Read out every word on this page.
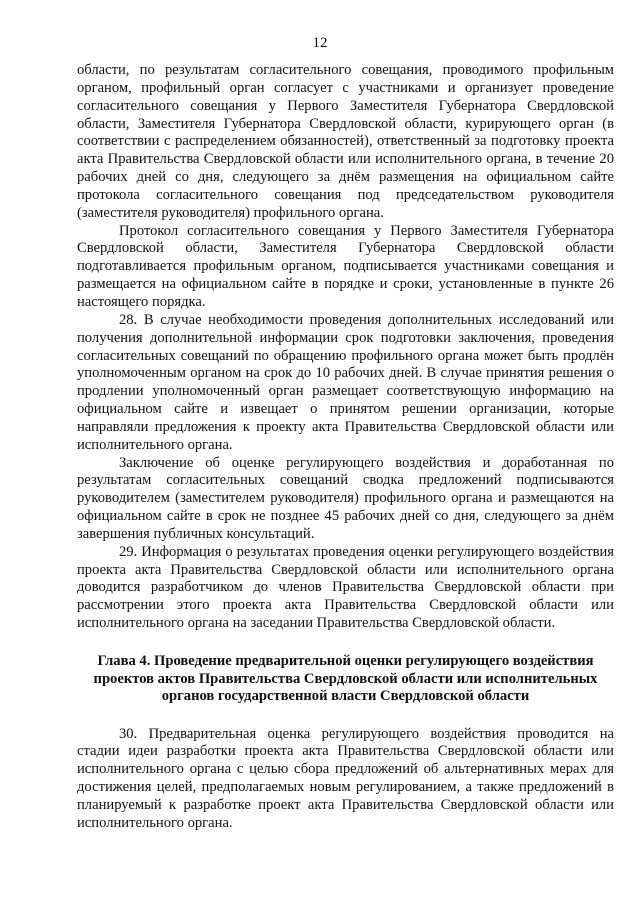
12

области, по результатам согласительного совещания, проводимого профильным органом, профильный орган согласует с участниками и организует проведение согласительного совещания у Первого Заместителя Губернатора Свердловской области, Заместителя Губернатора Свердловской области, курирующего орган (в соответствии с распределением обязанностей), ответственный за подготовку проекта акта Правительства Свердловской области или исполнительного органа, в течение 20 рабочих дней со дня, следующего за днём размещения на официальном сайте протокола согласительного совещания под председательством руководителя (заместителя руководителя) профильного органа.

Протокол согласительного совещания у Первого Заместителя Губернатора Свердловской области, Заместителя Губернатора Свердловской области подготавливается профильным органом, подписывается участниками совещания и размещается на официальном сайте в порядке и сроки, установленные в пункте 26 настоящего порядка.

28. В случае необходимости проведения дополнительных исследований или получения дополнительной информации срок подготовки заключения, проведения согласительных совещаний по обращению профильного органа может быть продлён уполномоченным органом на срок до 10 рабочих дней. В случае принятия решения о продлении уполномоченный орган размещает соответствующую информацию на официальном сайте и извещает о принятом решении организации, которые направляли предложения к проекту акта Правительства Свердловской области или исполнительного органа.

Заключение об оценке регулирующего воздействия и доработанная по результатам согласительных совещаний сводка предложений подписываются руководителем (заместителем руководителя) профильного органа и размещаются на официальном сайте в срок не позднее 45 рабочих дней со дня, следующего за днём завершения публичных консультаций.

29. Информация о результатах проведения оценки регулирующего воздействия проекта акта Правительства Свердловской области или исполнительного органа доводится разработчиком до членов Правительства Свердловской области при рассмотрении этого проекта акта Правительства Свердловской области или исполнительного органа на заседании Правительства Свердловской области.

Глава 4. Проведение предварительной оценки регулирующего воздействия проектов актов Правительства Свердловской области или исполнительных органов государственной власти Свердловской области

30. Предварительная оценка регулирующего воздействия проводится на стадии идеи разработки проекта акта Правительства Свердловской области или исполнительного органа с целью сбора предложений об альтернативных мерах для достижения целей, предполагаемых новым регулированием, а также предложений в планируемый к разработке проект акта Правительства Свердловской области или исполнительного органа.
